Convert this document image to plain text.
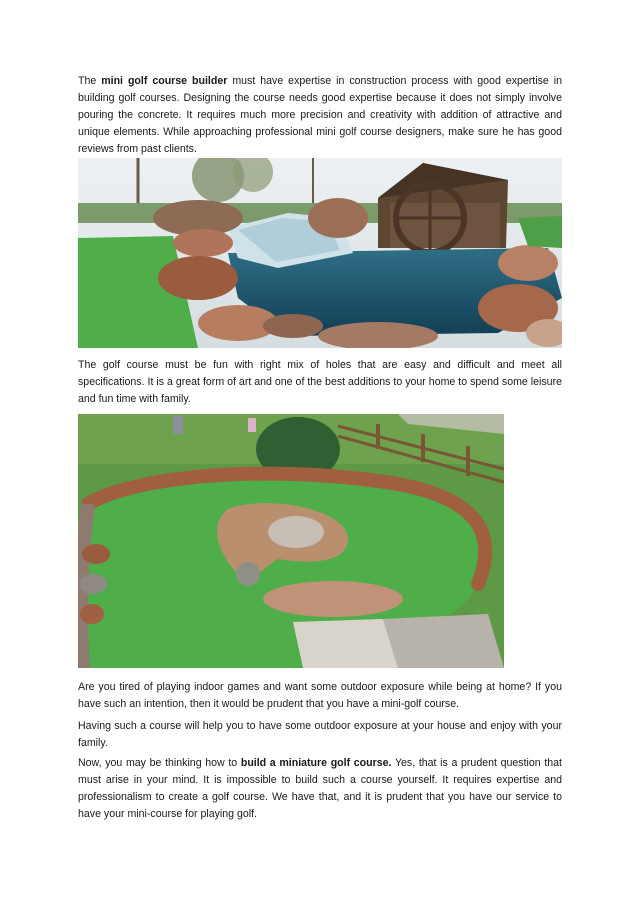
The mini golf course builder must have expertise in construction process with good expertise in building golf courses. Designing the course needs good expertise because it does not simply involve pouring the concrete. It requires much more precision and creativity with addition of attractive and unique elements. While approaching professional mini golf course designers, make sure he has good reviews from past clients.

The golf course must be fun with right mix of holes that are easy and difficult and meet all specifications. It is a great form of art and one of the best additions to your home to spend some leisure and fun time with family.

Are you tired of playing indoor games and want some outdoor exposure while being at home? If you have such an intention, then it would be prudent that you have a mini-golf course.

Having such a course will help you to have some outdoor exposure at your house and enjoy with your family.

Now, you may be thinking how to build a miniature golf course. Yes, that is a prudent question that must arise in your mind. It is impossible to build such a course yourself. It requires expertise and professionalism to create a golf course. We have that, and it is prudent that you have our service to have your mini-course for playing golf.
